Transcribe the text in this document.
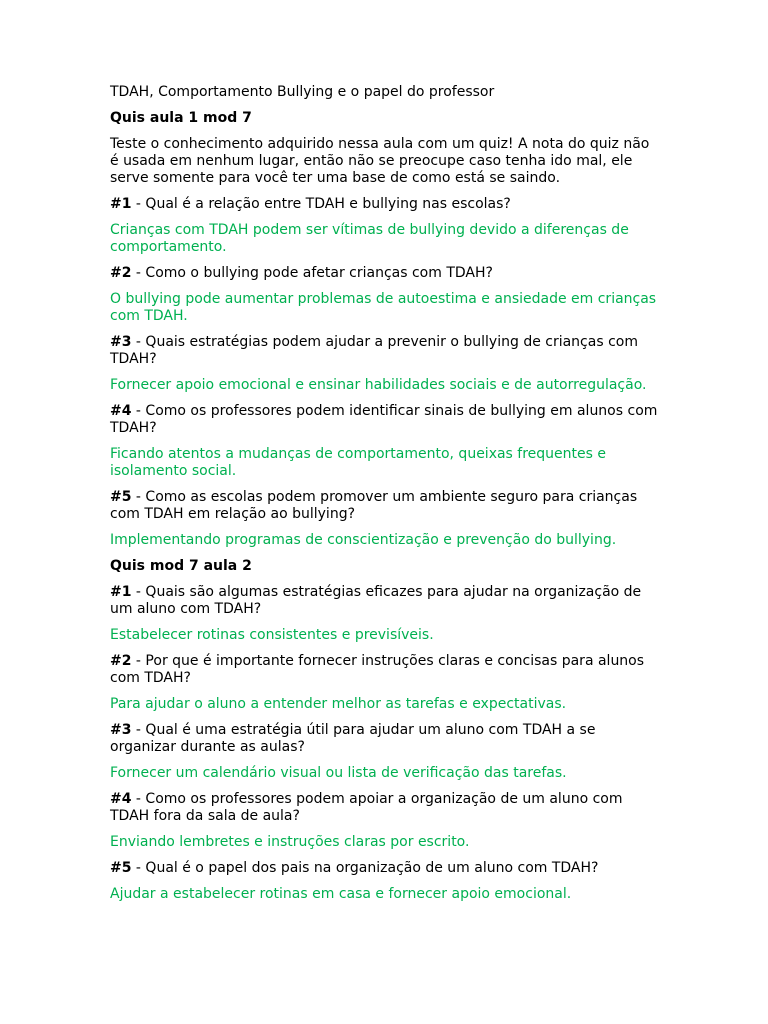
TDAH, Comportamento Bullying e o papel do professor

Quis aula 1 mod 7

Teste o conhecimento adquirido nessa aula com um quiz! A nota do quiz não é usada em nenhum lugar, então não se preocupe caso tenha ido mal, ele serve somente para você ter uma base de como está se saindo.

#1 - Qual é a relação entre TDAH e bullying nas escolas?

Crianças com TDAH podem ser vítimas de bullying devido a diferenças de comportamento.

#2 - Como o bullying pode afetar crianças com TDAH?

O bullying pode aumentar problemas de autoestima e ansiedade em crianças com TDAH.

#3 - Quais estratégias podem ajudar a prevenir o bullying de crianças com TDAH?

Fornecer apoio emocional e ensinar habilidades sociais e de autorregulação.

#4 - Como os professores podem identificar sinais de bullying em alunos com TDAH?

Ficando atentos a mudanças de comportamento, queixas frequentes e isolamento social.

#5 - Como as escolas podem promover um ambiente seguro para crianças com TDAH em relação ao bullying?

Implementando programas de conscientização e prevenção do bullying.

Quis mod 7 aula 2

#1 - Quais são algumas estratégias eficazes para ajudar na organização de um aluno com TDAH?

Estabelecer rotinas consistentes e previsíveis.

#2 - Por que é importante fornecer instruções claras e concisas para alunos com TDAH?

Para ajudar o aluno a entender melhor as tarefas e expectativas.

#3 - Qual é uma estratégia útil para ajudar um aluno com TDAH a se organizar durante as aulas?

Fornecer um calendário visual ou lista de verificação das tarefas.

#4 - Como os professores podem apoiar a organização de um aluno com TDAH fora da sala de aula?

Enviando lembretes e instruções claras por escrito.

#5 - Qual é o papel dos pais na organização de um aluno com TDAH?

Ajudar a estabelecer rotinas em casa e fornecer apoio emocional.
